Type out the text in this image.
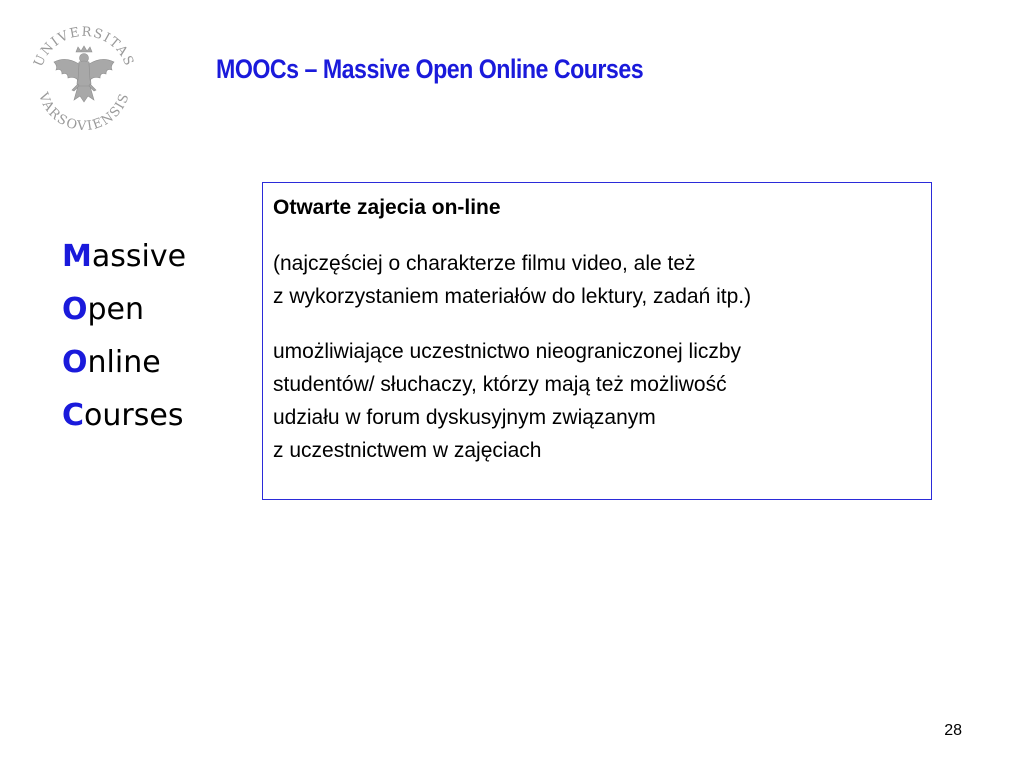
UNIVERSITAS
VARSOVIENSIS
MOOCs – Massive Open Online Courses
Massive
Open
Online
Courses
Otwarte zajecia on-line
(najczęściej o charakterze filmu video, ale też
z wykorzystaniem materiałów do lektury, zadań itp.)
umożliwiające uczestnictwo nieograniczonej liczby
studentów/ słuchaczy, którzy mają też możliwość
udziału w forum dyskusyjnym związanym
z uczestnictwem w zajęciach
28
